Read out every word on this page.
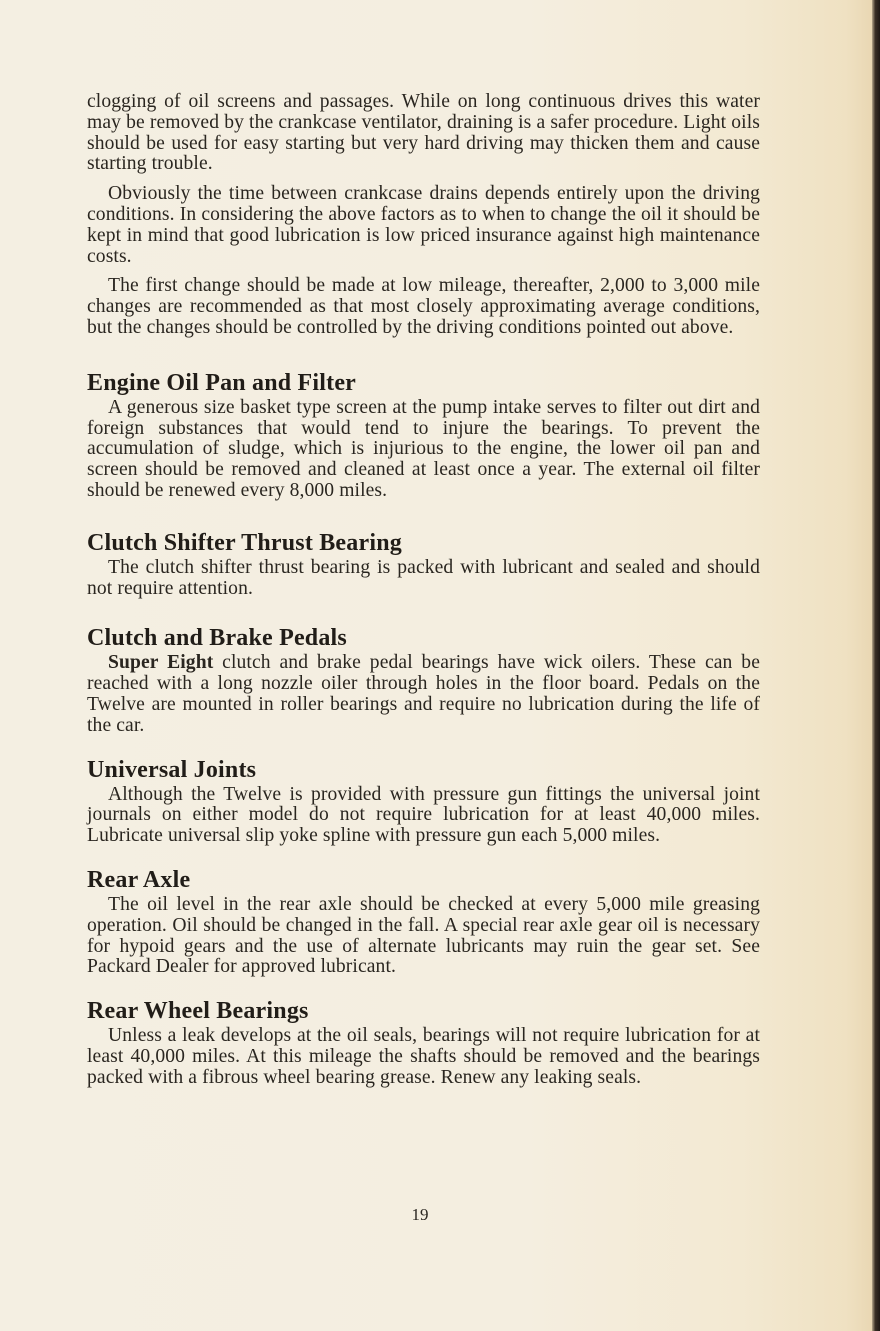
clogging of oil screens and passages. While on long continuous drives this water may be removed by the crankcase ventilator, draining is a safer procedure. Light oils should be used for easy starting but very hard driving may thicken them and cause starting trouble.

Obviously the time between crankcase drains depends entirely upon the driving conditions. In considering the above factors as to when to change the oil it should be kept in mind that good lubrication is low priced insurance against high maintenance costs.

The first change should be made at low mileage, thereafter, 2,000 to 3,000 mile changes are recommended as that most closely approximating average conditions, but the changes should be controlled by the driving conditions pointed out above.

Engine Oil Pan and Filter

A generous size basket type screen at the pump intake serves to filter out dirt and foreign substances that would tend to injure the bearings. To prevent the accumulation of sludge, which is injurious to the engine, the lower oil pan and screen should be removed and cleaned at least once a year. The external oil filter should be renewed every 8,000 miles.

Clutch Shifter Thrust Bearing

The clutch shifter thrust bearing is packed with lubricant and sealed and should not require attention.

Clutch and Brake Pedals

Super Eight clutch and brake pedal bearings have wick oilers. These can be reached with a long nozzle oiler through holes in the floor board. Pedals on the Twelve are mounted in roller bearings and require no lubrication during the life of the car.

Universal Joints

Although the Twelve is provided with pressure gun fittings the universal joint journals on either model do not require lubrication for at least 40,000 miles. Lubricate universal slip yoke spline with pressure gun each 5,000 miles.

Rear Axle

The oil level in the rear axle should be checked at every 5,000 mile greasing operation. Oil should be changed in the fall. A special rear axle gear oil is necessary for hypoid gears and the use of alternate lubricants may ruin the gear set. See Packard Dealer for approved lubricant.

Rear Wheel Bearings

Unless a leak develops at the oil seals, bearings will not require lubrication for at least 40,000 miles. At this mileage the shafts should be removed and the bearings packed with a fibrous wheel bearing grease. Renew any leaking seals.

19
